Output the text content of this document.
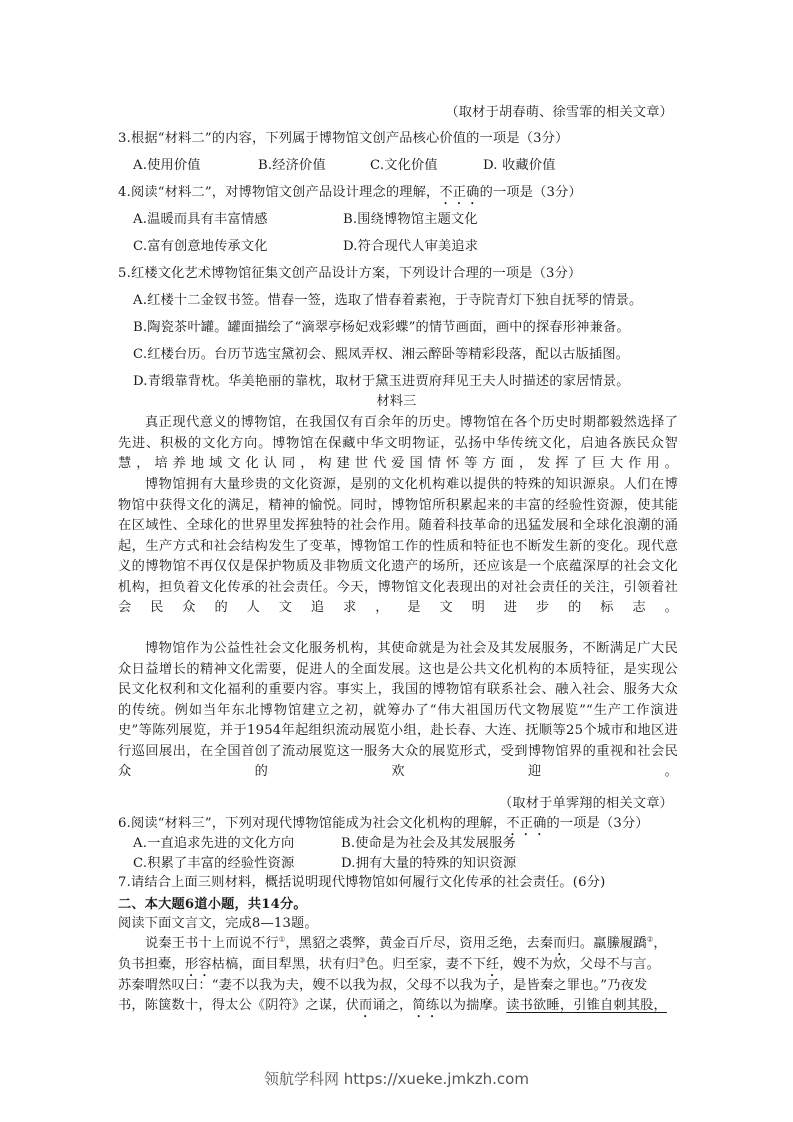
（取材于胡春萌、徐雪霏的相关文章）
3.根据“材料二”的内容，下列属于博物馆文创产品核心价值的一项是（3分）
A.使用价值	B.经济价值	C.文化价值	D. 收藏价值
4.阅读“材料二”，对博物馆文创产品设计理念的理解，不正确的一项是（3分）
A.温暖而具有丰富情感	B.围绕博物馆主题文化
C.富有创意地传承文化	D.符合现代人审美追求
5.红楼文化艺术博物馆征集文创产品设计方案，下列设计合理的一项是（3分）
A.红楼十二金钗书签。惜春一签，选取了惜春着素袍，于寺院青灯下独自抚琴的情景。
B.陶瓷茶叶罐。罐面描绘了“滴翠亭杨妃戏彩蝶”的情节画面，画中的探春形神兼备。
C.红楼台历。台历节选宝黛初会、熙凤弄权、湘云醉卧等精彩段落，配以古版插图。
D.青缎靠背枕。华美艳丽的靠枕，取材于黛玉进贾府拜见王夫人时描述的家居情景。
材料三
真正现代意义的博物馆，在我国仅有百余年的历史。博物馆在各个历史时期都毅然选择了先进、积极的文化方向。博物馆在保藏中华文明物证，弘扬中华传统文化，启迪各族民众智慧，培养地域文化认同，构建世代爱国情怀等方面，发挥了巨大作用。
博物馆拥有大量珍贵的文化资源，是别的文化机构难以提供的特殊的知识源泉。人们在博物馆中获得文化的满足，精神的愉悦。同时，博物馆所积累起来的丰富的经验性资源，使其能在区域性、全球化的世界里发挥独特的社会作用。随着科技革命的迅猛发展和全球化浪潮的涌起，生产方式和社会结构发生了变革，博物馆工作的性质和特征也不断发生新的变化。现代意义的博物馆不再仅仅是保护物质及非物质文化遗产的场所，还应该是一个底蕴深厚的社会文化机构，担负着文化传承的社会责任。今天，博物馆文化表现出的对社会责任的关注，引领着社会民众的人文追求，是文明进步的标志。
博物馆作为公益性社会文化服务机构，其使命就是为社会及其发展服务，不断满足广大民众日益增长的精神文化需要，促进人的全面发展。这也是公共文化机构的本质特征，是实现公民文化权利和文化福利的重要内容。事实上，我国的博物馆有联系社会、融入社会、服务大众的传统。例如当年东北博物馆建立之初，就筹办了“伟大祖国历代文物展览”“生产工作演进史”等陈列展览，并于1954年起组织流动展览小组，赴长春、大连、抚顺等25个城市和地区进行巡回展出，在全国首创了流动展览这一服务大众的展览形式，受到博物馆界的重视和社会民众的欢迎。
（取材于单霁翔的相关文章）
6.阅读“材料三”，下列对现代博物馆能成为社会文化机构的理解，不正确的一项是（3分）
A.一直追求先进的文化方向	B.使命是为社会及其发展服务
C.积累了丰富的经验性资源	D.拥有大量的特殊的知识资源
7.请结合上面三则材料，概括说明现代博物馆如何履行文化传承的社会责任。(6分)
二、本大题6道小题，共14分。
阅读下面文言文，完成8—13题。
说秦王书十上而说不行①，黑貂之裘弊，黄金百斤尽，资用乏绝，去秦而归。羸縢履蹻②，
负书担橐，形容枯槁，面目犁黑，状有归③色。归至家，妻不下纴，嫂不为炊，父母不与言。
苏秦喟然叹曰：“妻不以我为夫，嫂不以我为叔，父母不以我为子，是皆秦之罪也。”乃夜发
书，陈箧数十，得太公《阴符》之谋，伏而诵之，简练以为揣摩。读书欲睡，引锥自刺其股，
领航学科网 https://xueke.jmkzh.com
